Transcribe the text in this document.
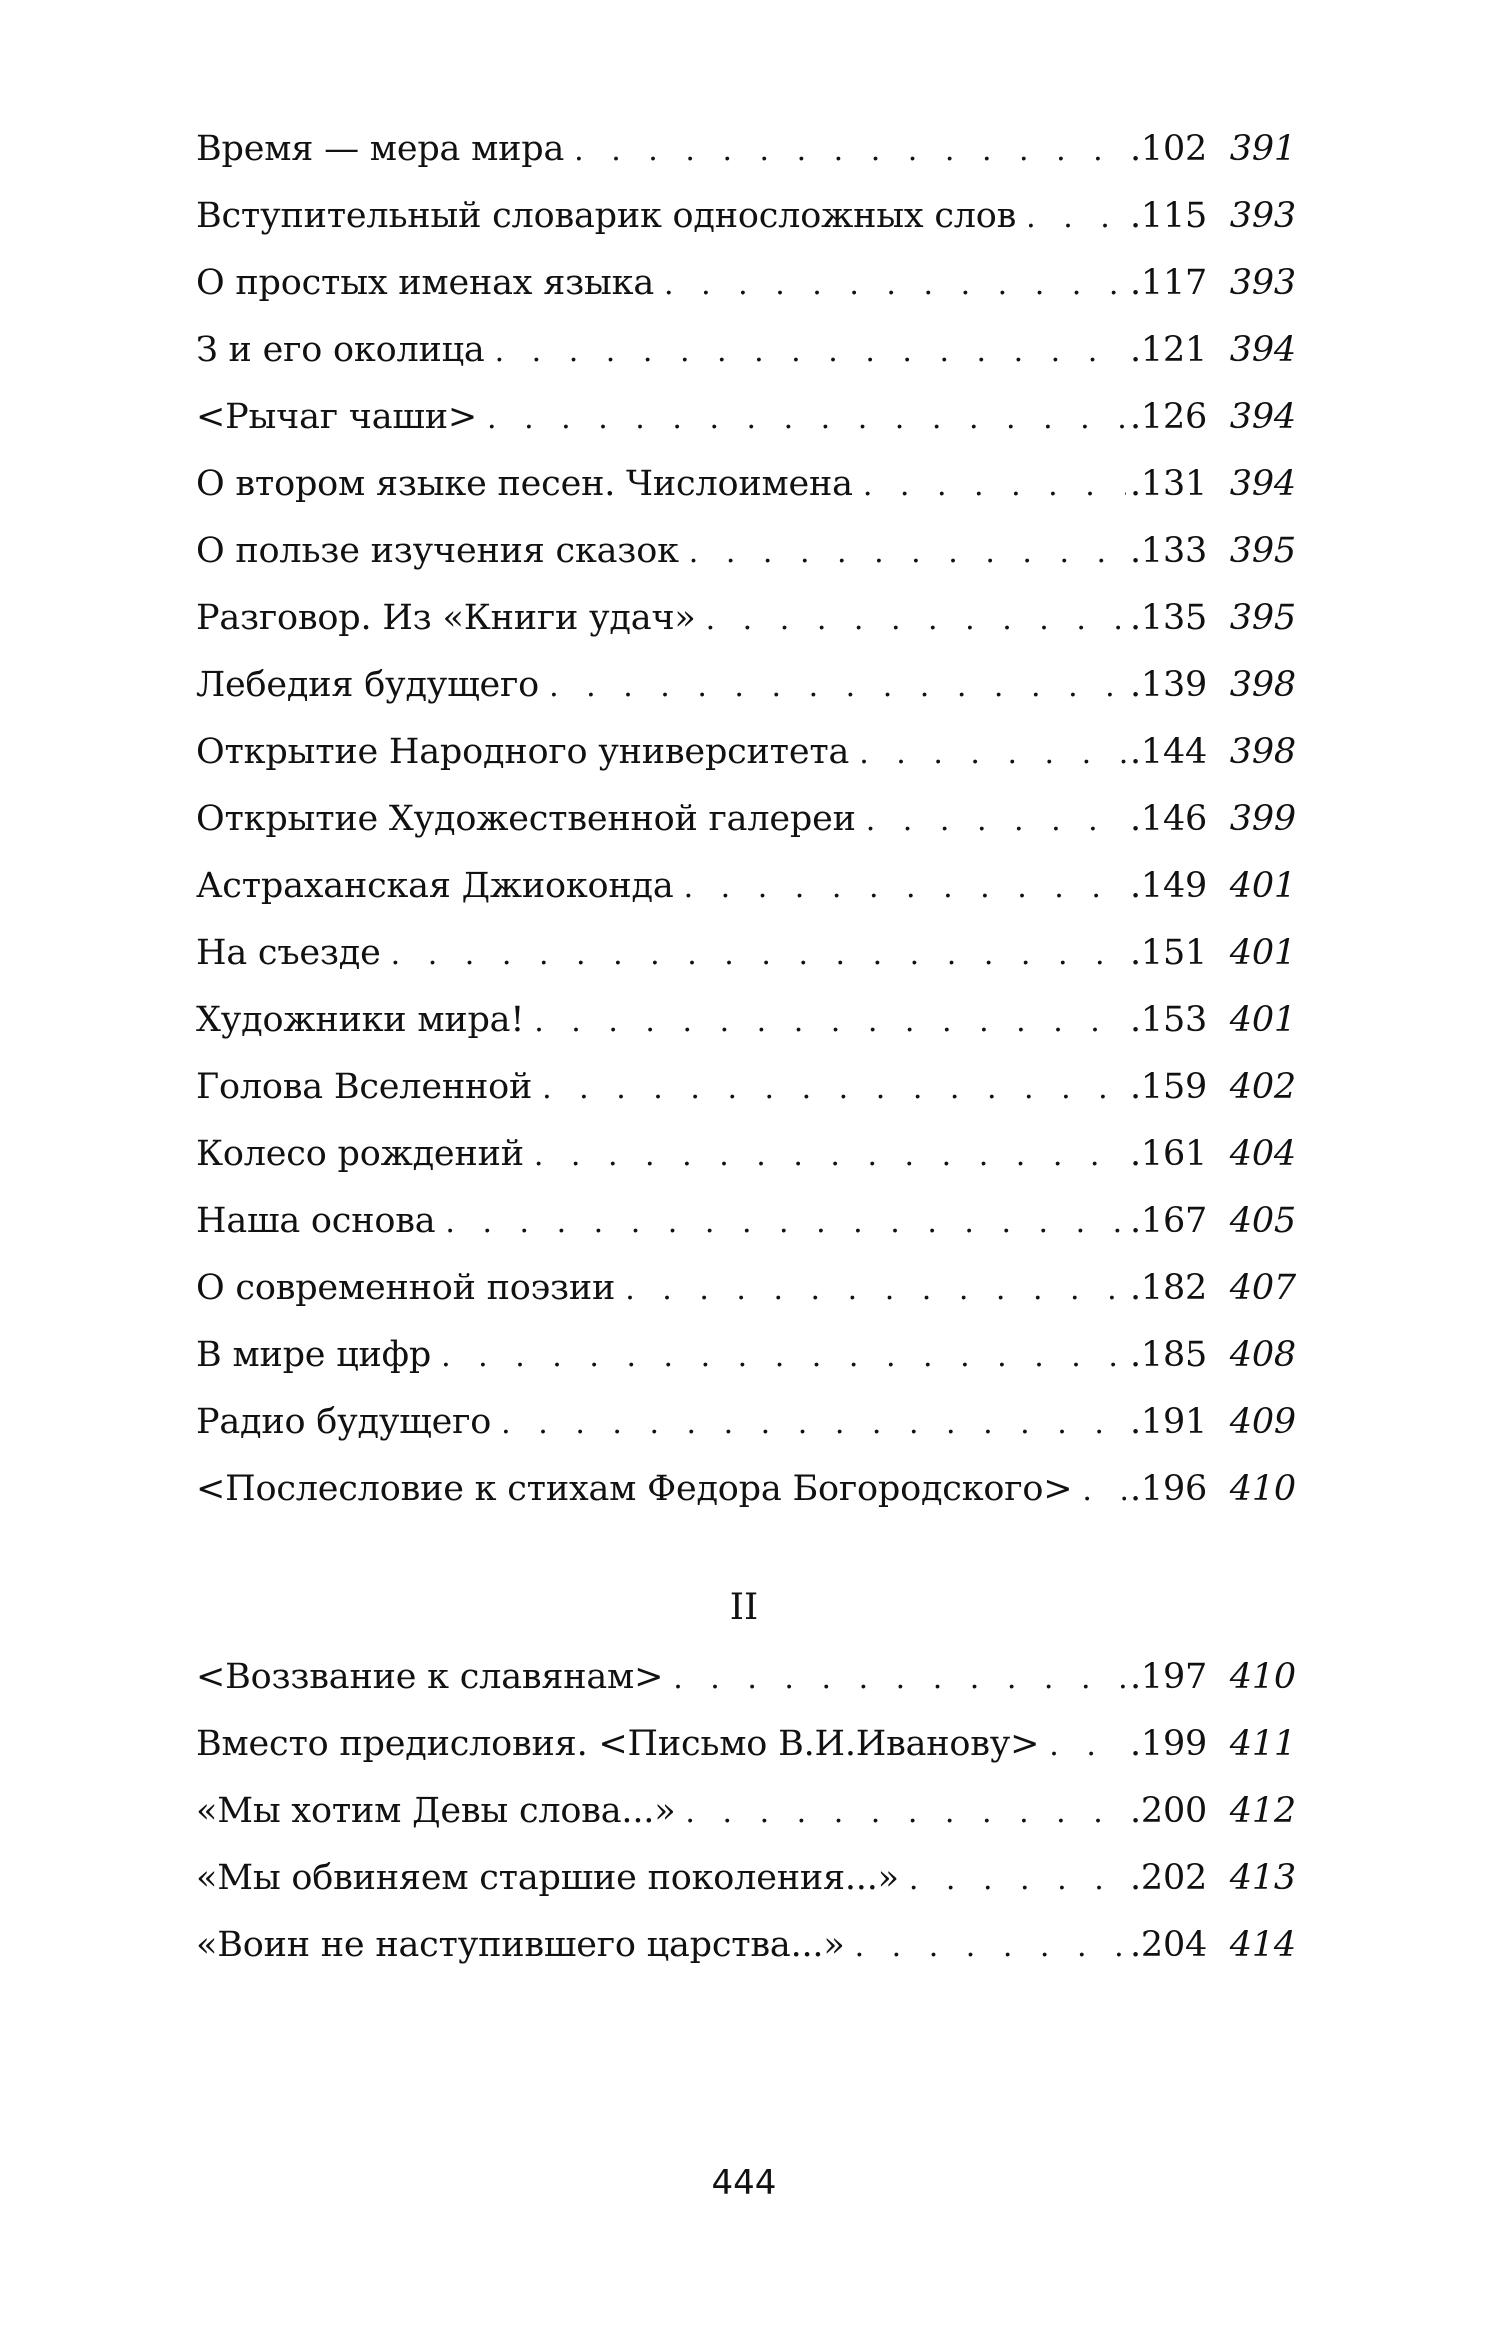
Время — мера мира . . .	.102 391
Вступительный словарик односложных слов . . .	.115 393
О простых именах языка . . .	.117 393
З и его околица . . .	.121 394
<Рычаг чаши> . . .	.126 394
О втором языке песен. Числоимена . . .	.131 394
О пользе изучения сказок . . .	.133 395
Разговор. Из «Книги удач» . . .	.135 395
Лебедия будущего . . .	.139 398
Открытие Народного университета . . .	.144 398
Открытие Художественной галереи . . .	.146 399
Астраханская Джиоконда . . .	.149 401
На съезде . . .	.151 401
Художники мира! . . .	.153 401
Голова Вселенной . . .	.159 402
Колесо рождений . . .	.161 404
Наша основа . . .	.167 405
О современной поэзии . . .	.182 407
В мире цифр . . .	.185 408
Радио будущего . . .	.191 409
<Послесловие к стихам Федора Богородского> . . . .196 410
II
<Воззвание к славянам> . . .	.197 410
Вместо предисловия. <Письмо В.И.Иванову> . . .	.199 411
«Мы хотим Девы слова...» . . .	.200 412
«Мы обвиняем старшие поколения...» . . .	.202 413
«Воин не наступившего царства...» . . .	.204 414
444
